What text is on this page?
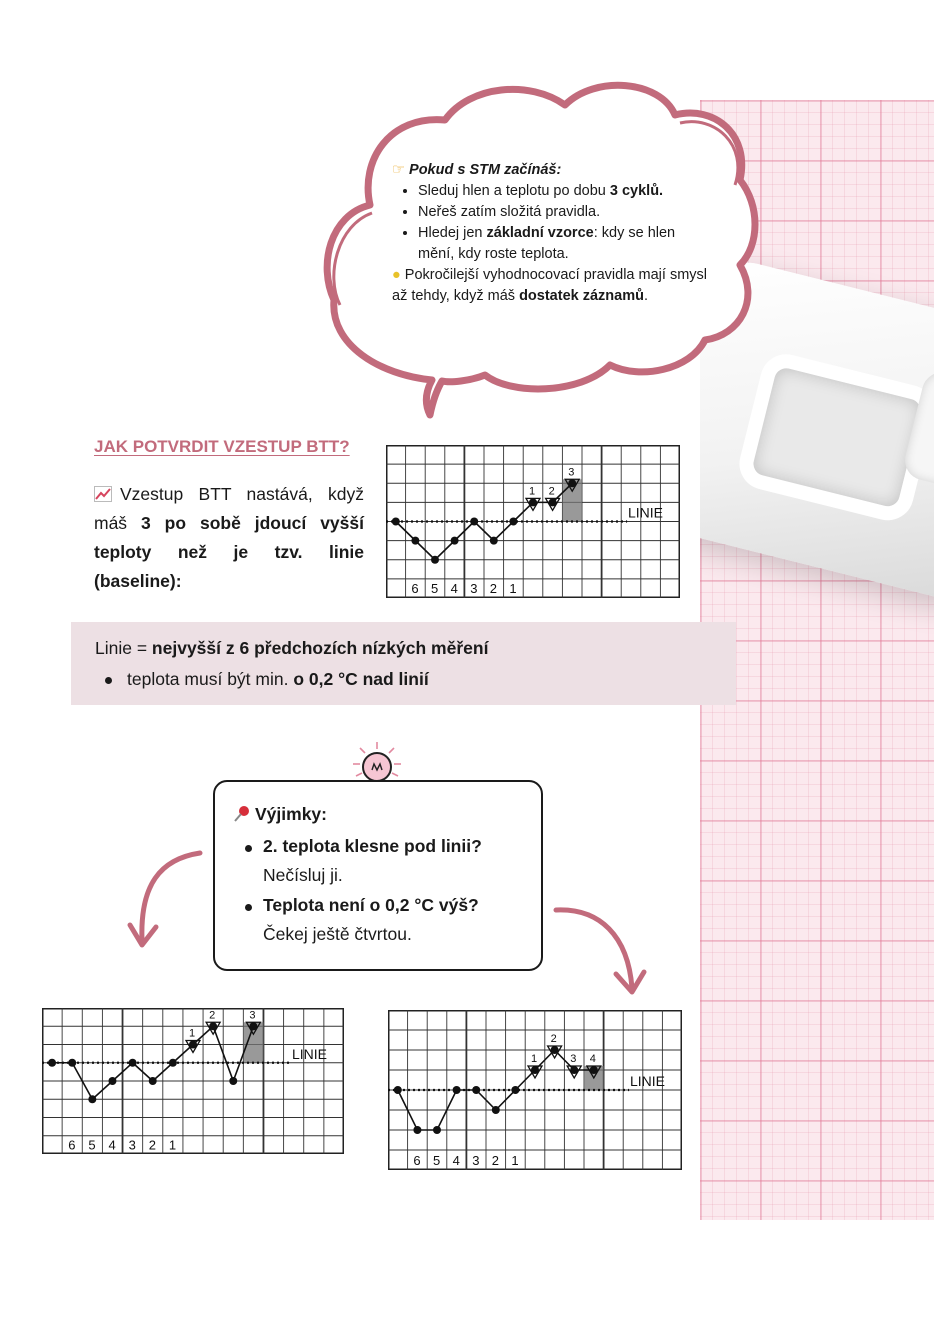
☞ Pokud s STM začínáš:
• Sleduj hlen a teplotu po dobu 3 cyklů.
• Neřeš zatím složitá pravidla.
• Hledej jen základní vzorce: kdy se hlen mění, kdy roste teplota.
● Pokročilejší vyhodnocovací pravidla mají smysl až tehdy, když máš dostatek záznamů.
JAK POTVRDIT VZESTUP BTT?
Vzestup BTT nastává, když máš 3 po sobě jdoucí vyšší teploty než je tzv. linie (baseline):
LINIE
6 5 4 3 2 1
1 2
3
LINIE
6 5 4 3 2 1
1
2	3
LINIE
6 5 4 3 2 1
1
2
3 4
Linie = nejvyšší z 6 předchozích nízkých měření
teplota musí být min. o 0,2 °C nad linií
Výjimky:
2. teplota klesne pod linii?
Nečísluj ji.
Teplota není o 0,2 °C výš?
Čekej ještě čtvrtou.
